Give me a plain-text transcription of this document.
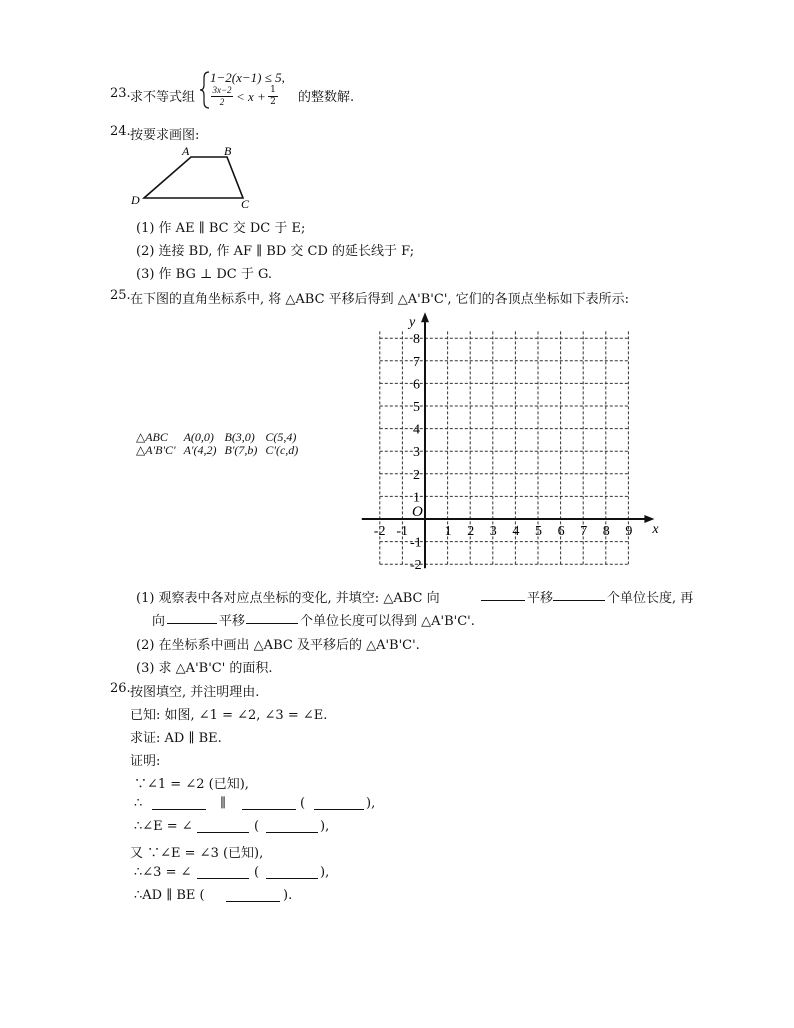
23. 求不等式组
1−2(x−1) ≤ 5,
3x−2
2 < x + 1
2 的整数解.
24. 按要求画图:
A	B
C
D
(1) 作 AE ∥ BC 交 DC 于 E;
(2) 连接 BD, 作 AF ∥ BD 交 CD 的延长线于 F;
(3) 作 BG ⊥ DC 于 G.
25. 在下图的直角坐标系中, 将 △ABC 平移后得到 △A'B'C', 它们的各顶点坐标如下表所示:
△ABC	A(0,0)	B(3,0)	C(5,4)
△A'B'C'	A'(4,2)	B'(7,b)	C'(c,d)
x
y
O
-2 -1	1 2 3 4 5 6 7 8 9
8
7
6
5
4
3
2
1
-1
-2
(1) 观察表中各对应点坐标的变化, 并填空: △ABC 向	平移	个单位长度, 再
向	平移	个单位长度可以得到 △A'B'C'.
(2) 在坐标系中画出 △ABC 及平移后的 △A'B'C'.
(3) 求 △A'B'C' 的面积.
26. 按图填空, 并注明理由.
已知: 如图, ∠1 = ∠2, ∠3 = ∠E.
求证: AD ∥ BE.
证明:
∵∠1 = ∠2 (已知),
∴	∥	(	),
∴∠E = ∠	(	),
又 ∵∠E = ∠3 (已知),
∴∠3 = ∠	(	),
∴AD ∥ BE (	).
